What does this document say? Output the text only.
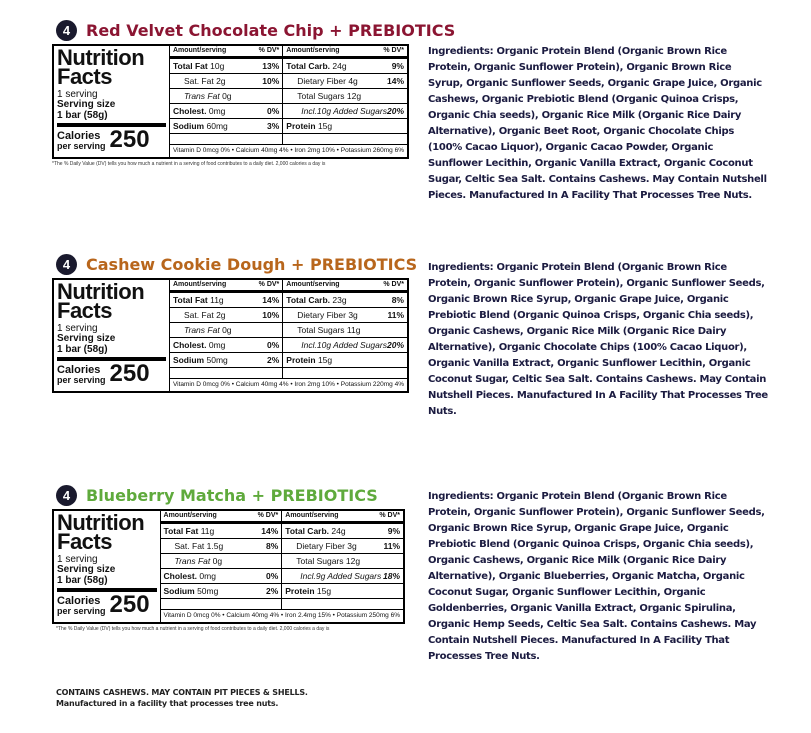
4 Red Velvet Chocolate Chip + PREBIOTICS
Nutrition
Facts
1 serving
Serving size
1 bar (58g)
Calories
per serving 250
Amount/serving	% DV*
Total Fat 10g	13%
Sat. Fat 2g	10%
Trans Fat 0g
Cholest. 0mg	0%
Sodium 60mg	3%
Amount/serving	% DV*
Total Carb. 24g	9%
Dietary Fiber 4g	14%
Total Sugars 12g
Incl.10g Added Sugars 20%
Protein 15g
Vitamin D 0mcg 0% • Calcium 40mg 4% • Iron 2mg 10% • Potassium 260mg 6%
*The % Daily Value (DV) tells you how much a nutrient in a serving of food contributes to a daily diet. 2,000 calories a day is
Ingredients: Organic Protein Blend (Organic Brown Rice Protein, Organic Sunflower Protein), Organic Brown Rice Syrup, Organic Sunflower Seeds, Organic Grape Juice, Organic Cashews, Organic Prebiotic Blend (Organic Quinoa Crisps, Organic Chia seeds), Organic Rice Milk (Organic Rice Dairy Alternative), Organic Beet Root, Organic Chocolate Chips (100% Cacao Liquor), Organic Cacao Powder, Organic Sunflower Lecithin, Organic Vanilla Extract, Organic Coconut Sugar, Celtic Sea Salt. Contains Cashews. May Contain Nutshell Pieces. Manufactured In A Facility That Processes Tree Nuts.
4 Cashew Cookie Dough + PREBIOTICS
Nutrition
Facts
1 serving
Serving size
1 bar (58g)
Calories
per serving 250
Amount/serving	% DV*
Total Fat 11g	14%
Sat. Fat 2g	10%
Trans Fat 0g
Cholest. 0mg	0%
Sodium 50mg	2%
Amount/serving	% DV*
Total Carb. 23g	8%
Dietary Fiber 3g	11%
Total Sugars 11g
Incl.10g Added Sugars 20%
Protein 15g
Vitamin D 0mcg 0% • Calcium 40mg 4% • Iron 2mg 10% • Potassium 220mg 4%
Ingredients: Organic Protein Blend (Organic Brown Rice Protein, Organic Sunflower Protein), Organic Sunflower Seeds, Organic Brown Rice Syrup, Organic Grape Juice, Organic Prebiotic Blend (Organic Quinoa Crisps, Organic Chia seeds), Organic Cashews, Organic Rice Milk (Organic Rice Dairy Alternative), Organic Chocolate Chips (100% Cacao Liquor), Organic Vanilla Extract, Organic Sunflower Lecithin, Organic Coconut Sugar, Celtic Sea Salt. Contains Cashews. May Contain Nutshell Pieces. Manufactured In A Facility That Processes Tree Nuts.
4 Blueberry Matcha + PREBIOTICS
Nutrition
Facts
1 serving
Serving size
1 bar (58g)
Calories
per serving 250
Amount/serving	% DV*
Total Fat 11g	14%
Sat. Fat 1.5g	8%
Trans Fat 0g
Cholest. 0mg	0%
Sodium 50mg	2%
Amount/serving	% DV*
Total Carb. 24g	9%
Dietary Fiber 3g	11%
Total Sugars 12g
Incl.9g Added Sugars 18%
Protein 15g
Vitamin D 0mcg 0% • Calcium 40mg 4% • Iron 2.4mg 15% • Potassium 250mg 6%
Ingredients: Organic Protein Blend (Organic Brown Rice Protein, Organic Sunflower Protein), Organic Sunflower Seeds, Organic Brown Rice Syrup, Organic Grape Juice, Organic Prebiotic Blend (Organic Quinoa Crisps, Organic Chia seeds), Organic Cashews, Organic Rice Milk (Organic Rice Dairy Alternative), Organic Blueberries, Organic Matcha, Organic Coconut Sugar, Organic Sunflower Lecithin, Organic Goldenberries, Organic Vanilla Extract, Organic Spirulina, Organic Hemp Seeds, Celtic Sea Salt. Contains Cashews. May Contain Nutshell Pieces. Manufactured In A Facility That Processes Tree Nuts.
*The % Daily Value (DV) tells you how much a nutrient in a serving of food contributes to a daily diet. 2,000 calories a day is
CONTAINS CASHEWS. MAY CONTAIN PIT PIECES & SHELLS.
Manufactured in a facility that processes tree nuts.
